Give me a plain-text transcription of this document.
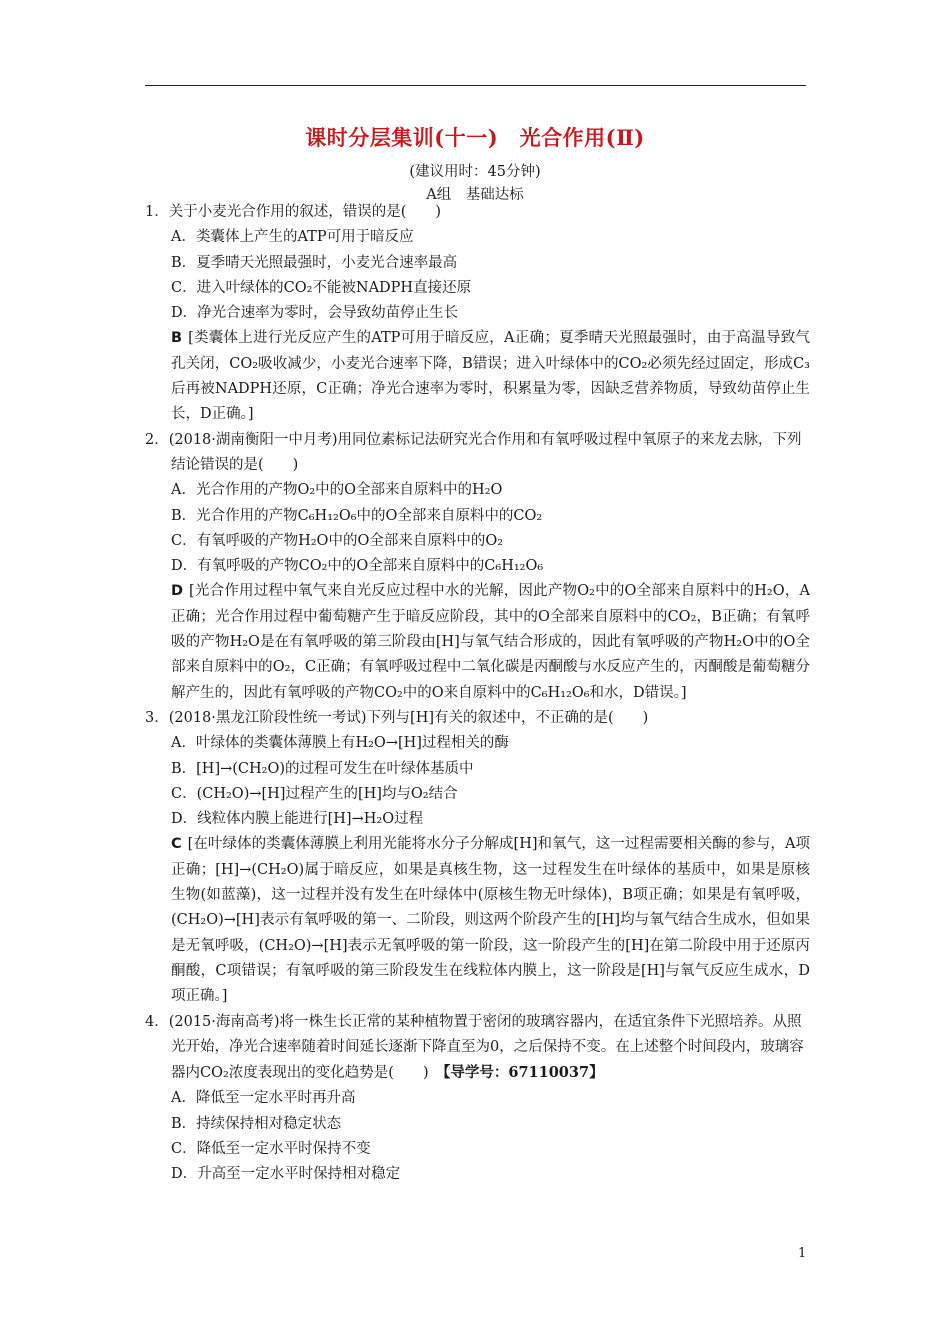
课时分层集训(十一)　光合作用(Ⅱ)
(建议用时：45分钟)
A组　基础达标

1．关于小麦光合作用的叙述，错误的是(　　)

A．类囊体上产生的ATP可用于暗反应

B．夏季晴天光照最强时，小麦光合速率最高

C．进入叶绿体的CO₂不能被NADPH直接还原

D．净光合速率为零时，会导致幼苗停止生长

B [类囊体上进行光反应产生的ATP可用于暗反应，A正确；夏季晴天光照最强时，由于高温导致气孔关闭，CO₂吸收减少，小麦光合速率下降，B错误；进入叶绿体中的CO₂必须先经过固定，形成C₃后再被NADPH还原，C正确；净光合速率为零时，积累量为零，因缺乏营养物质，导致幼苗停止生长，D正确。]

2．(2018·湖南衡阳一中月考)用同位素标记法研究光合作用和有氧呼吸过程中氧原子的来龙去脉，下列结论错误的是(　　)

A．光合作用的产物O₂中的O全部来自原料中的H₂O

B．光合作用的产物C₆H₁₂O₆中的O全部来自原料中的CO₂

C．有氧呼吸的产物H₂O中的O全部来自原料中的O₂

D．有氧呼吸的产物CO₂中的O全部来自原料中的C₆H₁₂O₆

D [光合作用过程中氧气来自光反应过程中水的光解，因此产物O₂中的O全部来自原料中的H₂O，A正确；光合作用过程中葡萄糖产生于暗反应阶段，其中的O全部来自原料中的CO₂，B正确；有氧呼吸的产物H₂O是在有氧呼吸的第三阶段由[H]与氧气结合形成的，因此有氧呼吸的产物H₂O中的O全部来自原料中的O₂，C正确；有氧呼吸过程中二氧化碳是丙酮酸与水反应产生的，丙酮酸是葡萄糖分解产生的，因此有氧呼吸的产物CO₂中的O来自原料中的C₆H₁₂O₆和水，D错误。]

3．(2018·黑龙江阶段性统一考试)下列与[H]有关的叙述中，不正确的是(　　)

A．叶绿体的类囊体薄膜上有H₂O→[H]过程相关的酶

B．[H]→(CH₂O)的过程可发生在叶绿体基质中

C．(CH₂O)→[H]过程产生的[H]均与O₂结合

D．线粒体内膜上能进行[H]→H₂O过程

C [在叶绿体的类囊体薄膜上利用光能将水分子分解成[H]和氧气，这一过程需要相关酶的参与，A项正确；[H]→(CH₂O)属于暗反应，如果是真核生物，这一过程发生在叶绿体的基质中，如果是原核生物(如蓝藻)，这一过程并没有发生在叶绿体中(原核生物无叶绿体)，B项正确；如果是有氧呼吸，(CH₂O)→[H]表示有氧呼吸的第一、二阶段，则这两个阶段产生的[H]均与氧气结合生成水，但如果是无氧呼吸，(CH₂O)→[H]表示无氧呼吸的第一阶段，这一阶段产生的[H]在第二阶段中用于还原丙酮酸，C项错误；有氧呼吸的第三阶段发生在线粒体内膜上，这一阶段是[H]与氧气反应生成水，D项正确。]

4．(2015·海南高考)将一株生长正常的某种植物置于密闭的玻璃容器内，在适宜条件下光照培养。从照光开始，净光合速率随着时间延长逐渐下降直至为0，之后保持不变。在上述整个时间段内，玻璃容器内CO₂浓度表现出的变化趋势是(　　)　 【导学号：67110037】

A．降低至一定水平时再升高

B．持续保持相对稳定状态

C．降低至一定水平时保持不变

D．升高至一定水平时保持相对稳定

1
